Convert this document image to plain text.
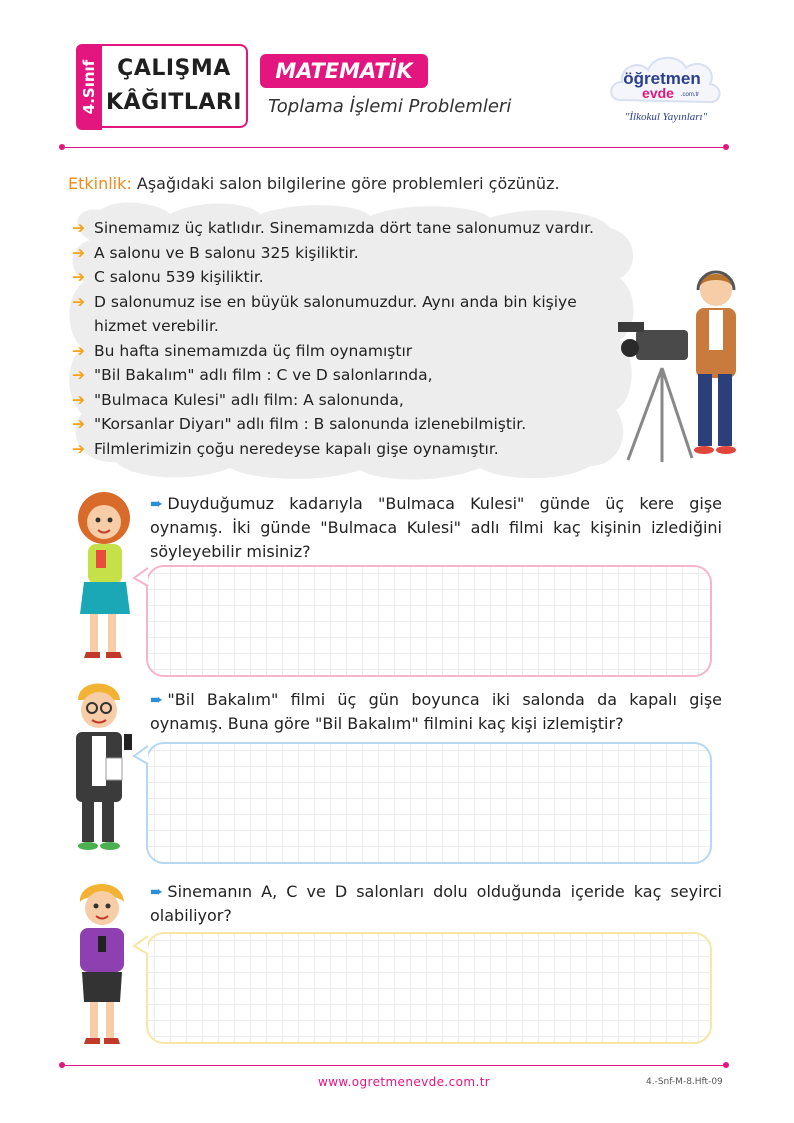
4.Sınıf ÇALIŞMA
KÂĞITLARI
MATEMATİK
Toplama İşlemi Problemleri
öğretmen
evde .com.tr
"İlkokul Yayınları"
Etkinlik: Aşağıdaki salon bilgilerine göre problemleri çözünüz.
➔ Sinemamız üç katlıdır. Sinemamızda dört tane salonumuz vardır.
➔ A salonu ve B salonu 325 kişiliktir.
➔ C salonu 539 kişiliktir.
➔ D salonumuz ise en büyük salonumuzdur. Aynı anda bin kişiye hizmet verebilir.
➔ Bu hafta sinemamızda üç film oynamıştır
➔ "Bil Bakalım" adlı film : C ve D salonlarında,
➔ "Bulmaca Kulesi" adlı film: A salonunda,
➔ "Korsanlar Diyarı" adlı film : B salonunda izlenebilmiştir.
➔ Filmlerimizin çoğu neredeyse kapalı gişe oynamıştır.
➨ Duyduğumuz kadarıyla "Bulmaca Kulesi" günde üç kere gişe oynamış. İki günde "Bulmaca Kulesi" adlı filmi kaç kişinin izlediğini söyleyebilir misiniz?
➨ "Bil Bakalım" filmi üç gün boyunca iki salonda da kapalı gişe oynamış. Buna göre "Bil Bakalım" filmini kaç kişi izlemiştir?
➨ Sinemanın A, C ve D salonları dolu olduğunda içeride kaç seyirci olabiliyor?
www.ogretmenevde.com.tr	4.-Snf-M-8.Hft-09
